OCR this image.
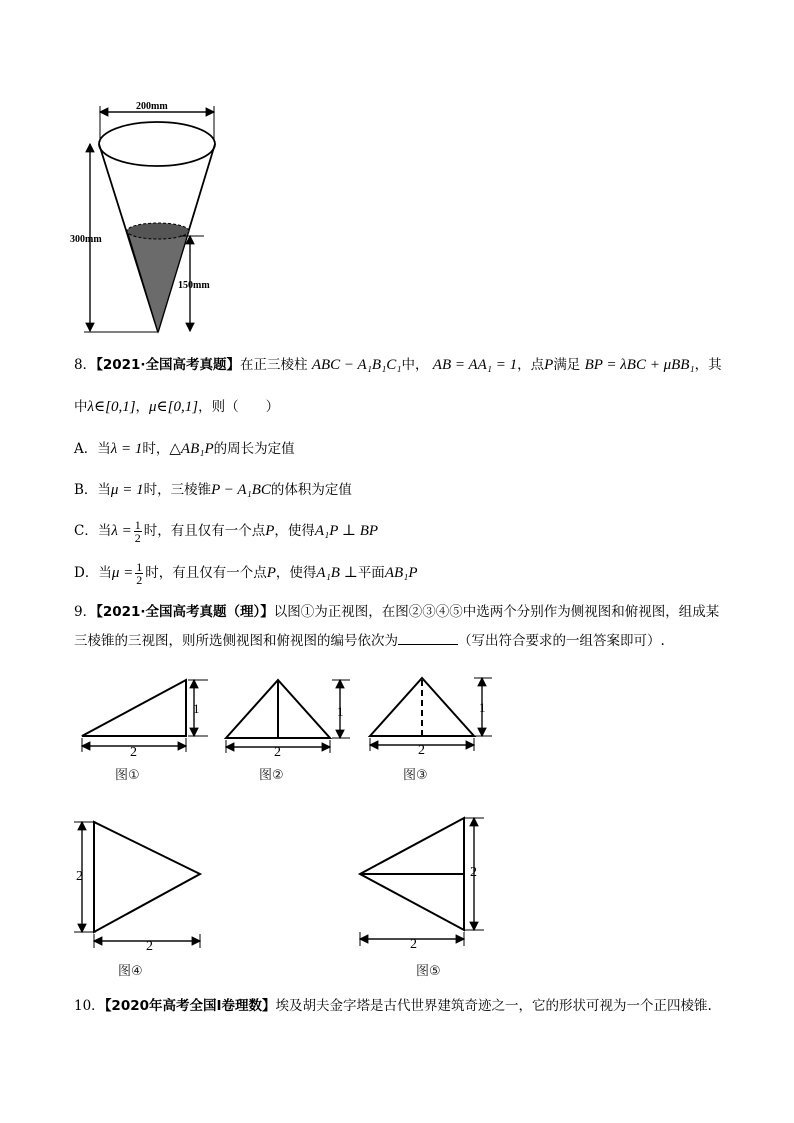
200mm
300mm
150mm
8．【2021·全国高考真题】在正三棱柱 ABC − A₁B₁C₁中， AB = AA₁ = 1，点P满足 BP = λBC + μBB₁，其
中λ∈[0,1]，μ∈[0,1]，则（　　）
A．当λ = 1时，△AB₁P的周长为定值
B．当μ = 1时，三棱锥P − A₁BC的体积为定值
C．当$\lambda = \frac{1}{2}$ 时，有且仅有一个点P，使得A₁P ⊥ BP
D．当$\mu = \frac{1}{2}$ 时，有且仅有一个点P，使得A₁B ⊥平面AB₁P
9．【2021·全国高考真题（理）】以图①为正视图，在图②③④⑤中选两个分别作为侧视图和俯视图，组成某
三棱锥的三视图，则所选侧视图和俯视图的编号依次为	（写出符合要求的一组答案即可）.
1
2
1
2
1
2
2
2
2
2
图①	图②	图③
图④	图⑤
10．【2020年高考全国Ⅰ卷理数】埃及胡夫金字塔是古代世界建筑奇迹之一，它的形状可视为一个正四棱锥.
